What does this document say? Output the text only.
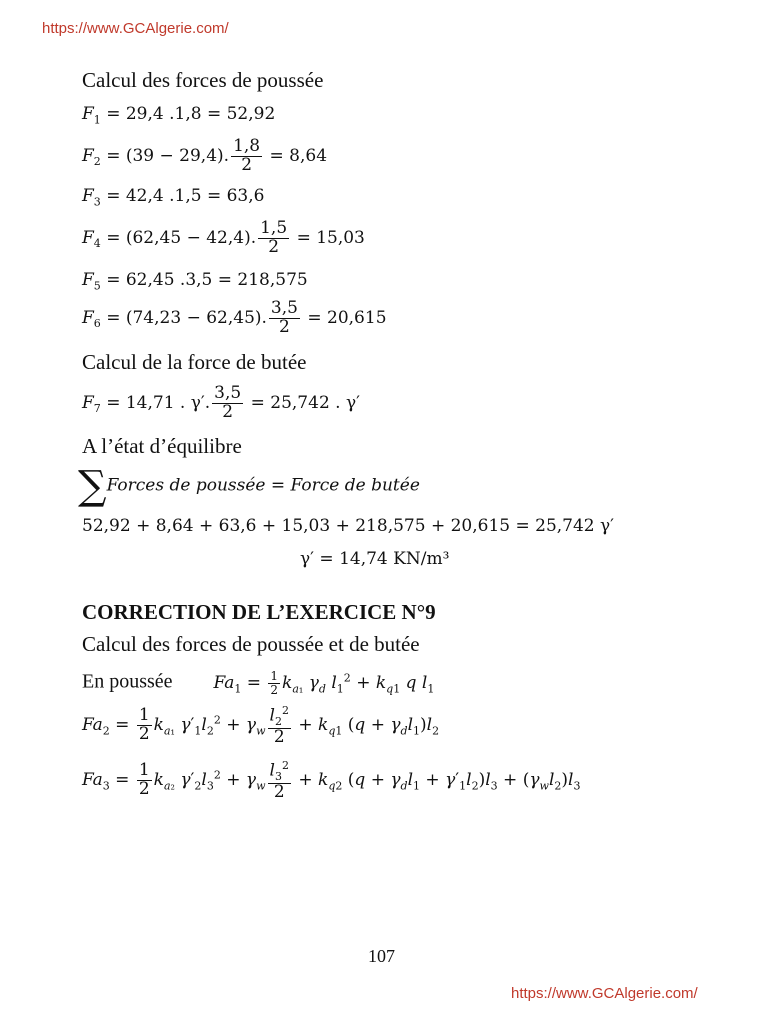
https://www.GCAlgerie.com/
Calcul des forces de poussée
$F_1 = 29,4$ .1,8 = 52,92
$F_2 = (39 - 29,4)$. $\frac{1,8}{2} = 8,64$
$F_3 = 42,4$ .1,5 = 63,6
$F_4 = (62,45 - 42,4)$. $\frac{1,5}{2} = 15,03$
$F_5 = 62,45$ .3,5 = 218,575
$F_6 = (74,23 - 62,45)$. $\frac{3,5}{2} = 20,615$
Calcul de la force de butée
$F_7 = 14,71$ . γ′. $\frac{3,5}{2} = 25,742$ . γ′
A l’état d’équilibre
∑Forces de poussée = Force de butée
52,92 + 8,64 + 63,6 + 15,03 + 218,575 + 20,615 = 25,742 γ′
γ′ = 14,74 KN/m³
CORRECTION DE L’EXERCICE N°9
Calcul des forces de poussée et de butée
En poussée $Fa_1 = \frac{1}{2} k_{a_1}$ $\gamma_d$ $l_1^2 + k_{q1}$ q $l_1$
$Fa_2 = \frac{1}{2} k_{a_1}$ $\gamma'_1l_2^2 + \gamma_w \frac{l_2^2}{2} + k_{q1}$ $(q + \gamma_dl_1)l_2$
$Fa_3 = \frac{1}{2} k_{a_2}$ $\gamma'_2l_3^2 + \gamma_w \frac{l_3^2}{2} + k_{q2}$ $(q + \gamma_dl_1 + \gamma'_1l_2)l_3 + (\gamma_wl_2)l_3$
107
https://www.GCAlgerie.com/
